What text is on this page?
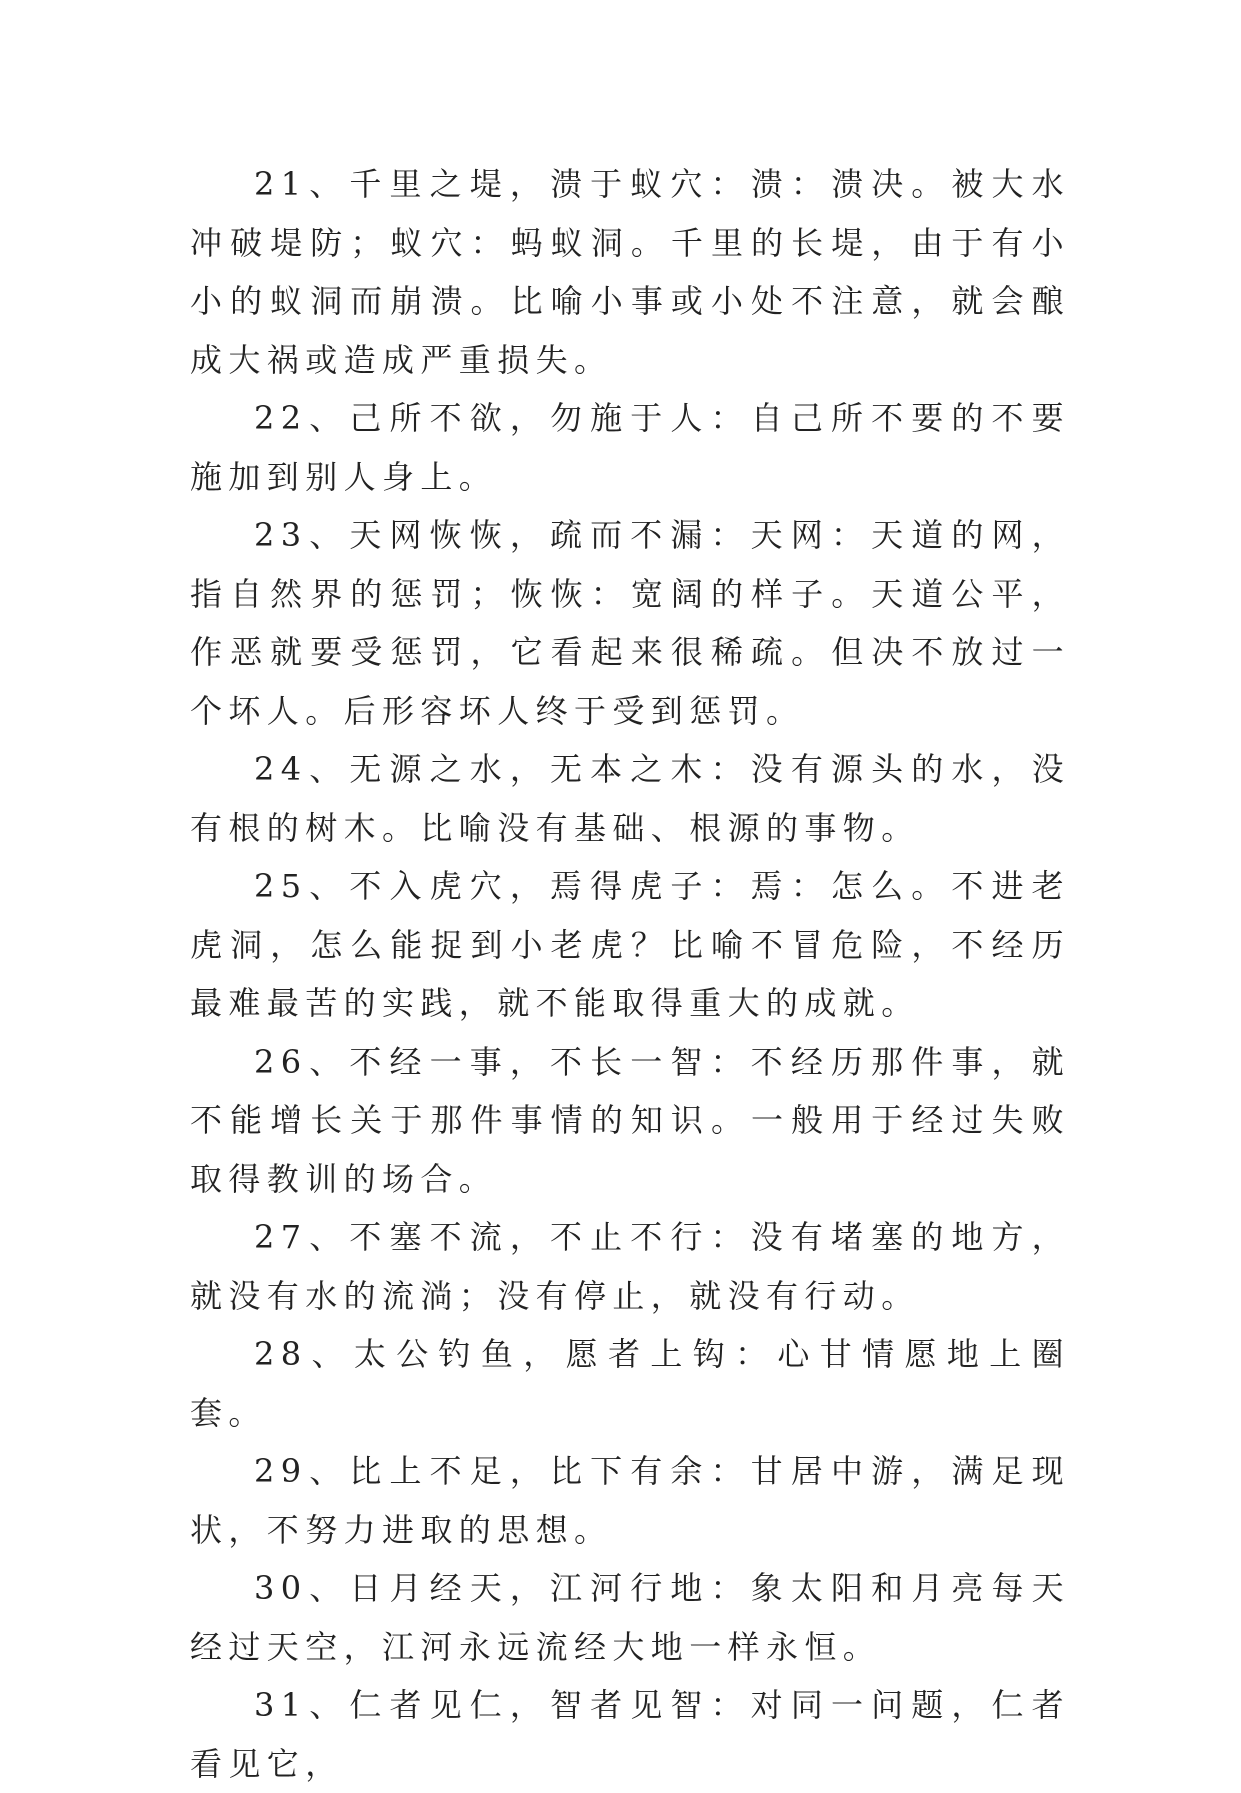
21、千里之堤，溃于蚁穴：溃：溃决。被大水冲破堤防；蚁穴：蚂蚁洞。千里的长堤，由于有小小的蚁洞而崩溃。比喻小事或小处不注意，就会酿成大祸或造成严重损失。

22、己所不欲，勿施于人：自己所不要的不要施加到别人身上。

23、天网恢恢，疏而不漏：天网：天道的网，指自然界的惩罚；恢恢：宽阔的样子。天道公平，作恶就要受惩罚，它看起来很稀疏。但决不放过一个坏人。后形容坏人终于受到惩罚。

24、无源之水，无本之木：没有源头的水，没有根的树木。比喻没有基础、根源的事物。

25、不入虎穴，焉得虎子：焉：怎么。不进老虎洞，怎么能捉到小老虎？比喻不冒危险，不经历最难最苦的实践，就不能取得重大的成就。

26、不经一事，不长一智：不经历那件事，就不能增长关于那件事情的知识。一般用于经过失败取得教训的场合。

27、不塞不流，不止不行：没有堵塞的地方，就没有水的流淌；没有停止，就没有行动。

28、太公钓鱼，愿者上钩：心甘情愿地上圈套。

29、比上不足，比下有余：甘居中游，满足现状，不努力进取的思想。

30、日月经天，江河行地：象太阳和月亮每天经过天空，江河永远流经大地一样永恒。

31、仁者见仁，智者见智：对同一问题，仁者看见它，
